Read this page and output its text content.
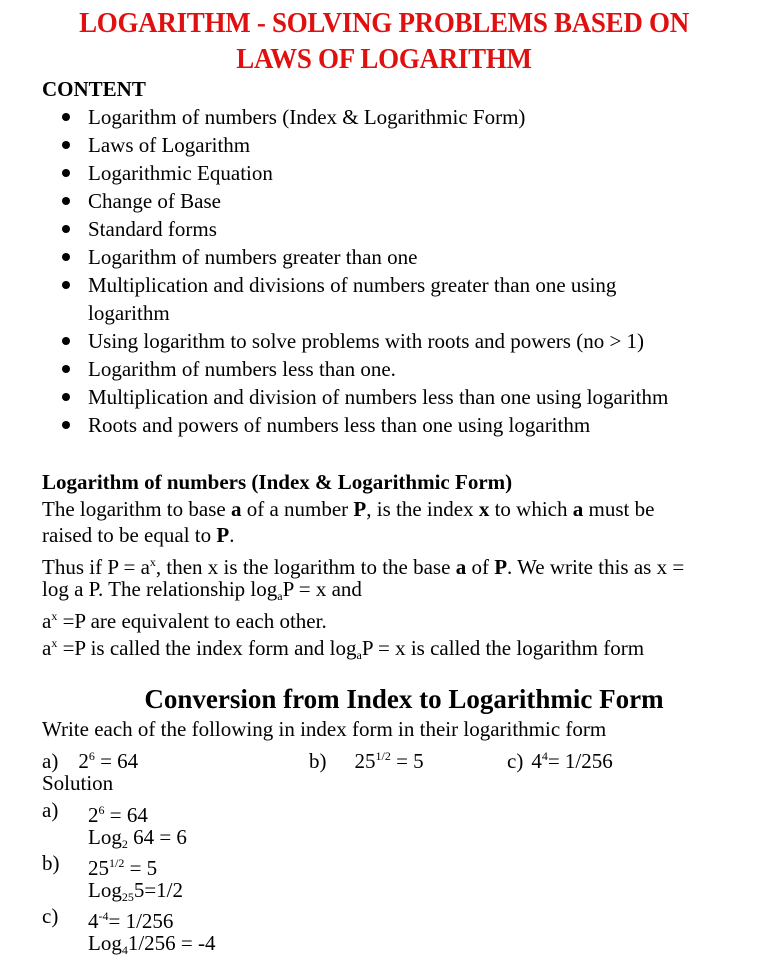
LOGARITHM - SOLVING PROBLEMS BASED ON
LAWS OF LOGARITHM
CONTENT
Logarithm of numbers (Index & Logarithmic Form)
Laws of Logarithm
Logarithmic Equation
Change of Base
Standard forms
Logarithm of numbers greater than one
Multiplication and divisions of numbers greater than one using
logarithm
Using logarithm to solve problems with roots and powers (no > 1)
Logarithm of numbers less than one.
Multiplication and division of numbers less than one using logarithm
Roots and powers of numbers less than one using logarithm
Logarithm of numbers (Index & Logarithmic Form)
The logarithm to base a of a number P, is the index x to which a must be
raised to be equal to P.
Thus if $P = a^x$, then x is the logarithm to the base a of P. We write this as x =
log a P. The relationship $\log_aP = x$ and
$a^x =P$ are equivalent to each other.
$a^x =P$ is called the index form and $\log_aP = x$ is called the logarithm form
Conversion from Index to Logarithmic Form
Write each of the following in index form in their logarithmic form
a) $2^6 = 64$	b) $25^{1/2} = 5$	c) $4^4= 1/256$
Solution
a) $2^6 = 64$
Log$_2$ 64 = 6
b) $25^{1/2} = 5$
Log$_{25}$5=1/2
c) $4^{-4}= 1/256$
Log$_4$1/256 = -4
